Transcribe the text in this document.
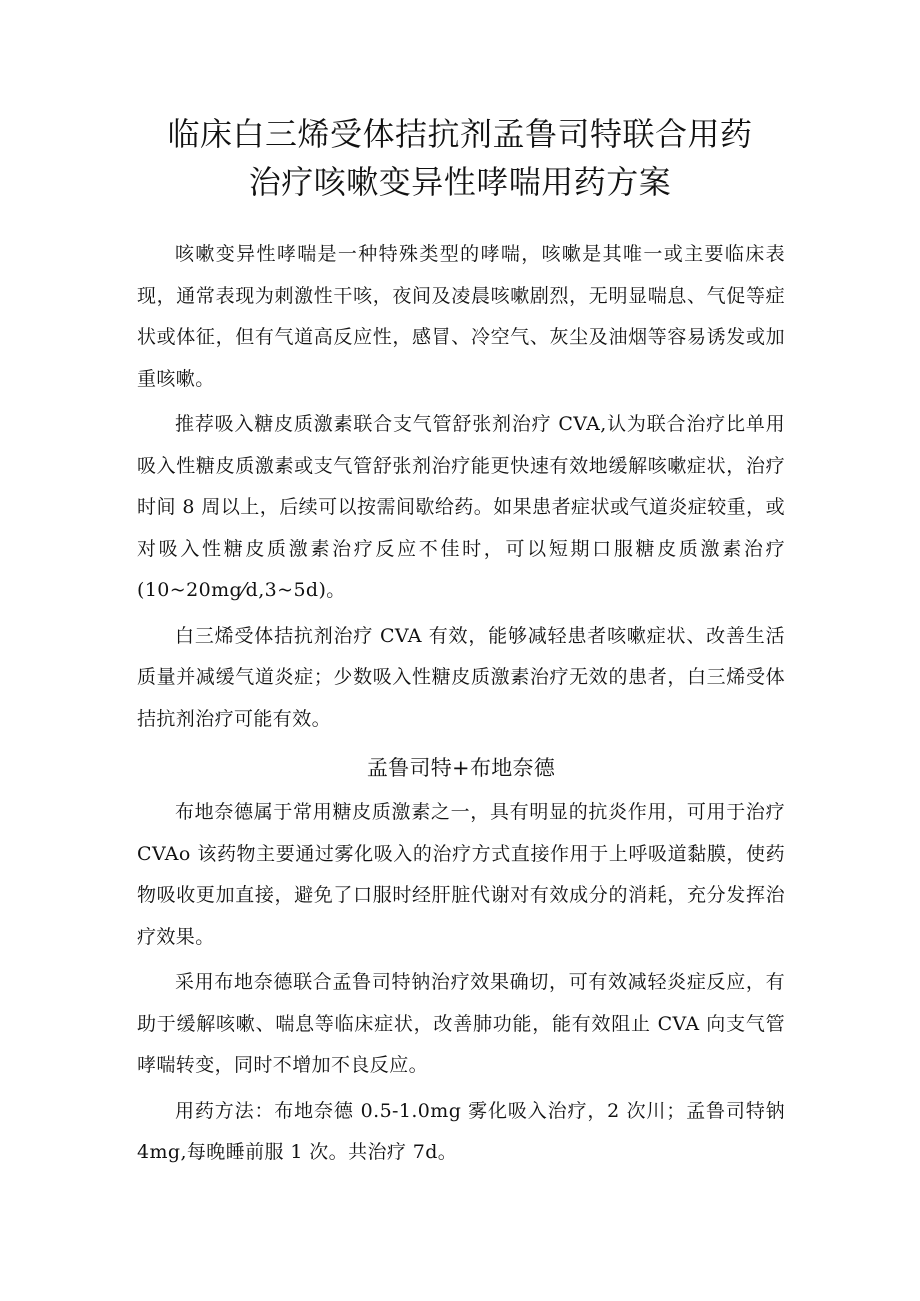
临床白三烯受体拮抗剂孟鲁司特联合用药
治疗咳嗽变异性哮喘用药方案

咳嗽变异性哮喘是一种特殊类型的哮喘，咳嗽是其唯一或主要临床表现，通常表现为刺激性干咳，夜间及凌晨咳嗽剧烈，无明显喘息、气促等症状或体征，但有气道高反应性，感冒、冷空气、灰尘及油烟等容易诱发或加重咳嗽。

推荐吸入糖皮质激素联合支气管舒张剂治疗 CVA,认为联合治疗比单用吸入性糖皮质激素或支气管舒张剂治疗能更快速有效地缓解咳嗽症状，治疗时间 8 周以上，后续可以按需间歇给药。如果患者症状或气道炎症较重，或对吸入性糖皮质激素治疗反应不佳时，可以短期口服糖皮质激素治疗(10~20mg⁄d,3~5d)。

白三烯受体拮抗剂治疗 CVA 有效，能够减轻患者咳嗽症状、改善生活质量并减缓气道炎症；少数吸入性糖皮质激素治疗无效的患者，白三烯受体拮抗剂治疗可能有效。

孟鲁司特+布地奈德

布地奈德属于常用糖皮质激素之一，具有明显的抗炎作用，可用于治疗 CVAo 该药物主要通过雾化吸入的治疗方式直接作用于上呼吸道黏膜，使药物吸收更加直接，避免了口服时经肝脏代谢对有效成分的消耗，充分发挥治疗效果。

采用布地奈德联合孟鲁司特钠治疗效果确切，可有效减轻炎症反应，有助于缓解咳嗽、喘息等临床症状，改善肺功能，能有效阻止 CVA 向支气管哮喘转变，同时不增加不良反应。

用药方法：布地奈德 0.5-1.0mg 雾化吸入治疗，2 次川；孟鲁司特钠 4mg,每晚睡前服 1 次。共治疗 7d。
